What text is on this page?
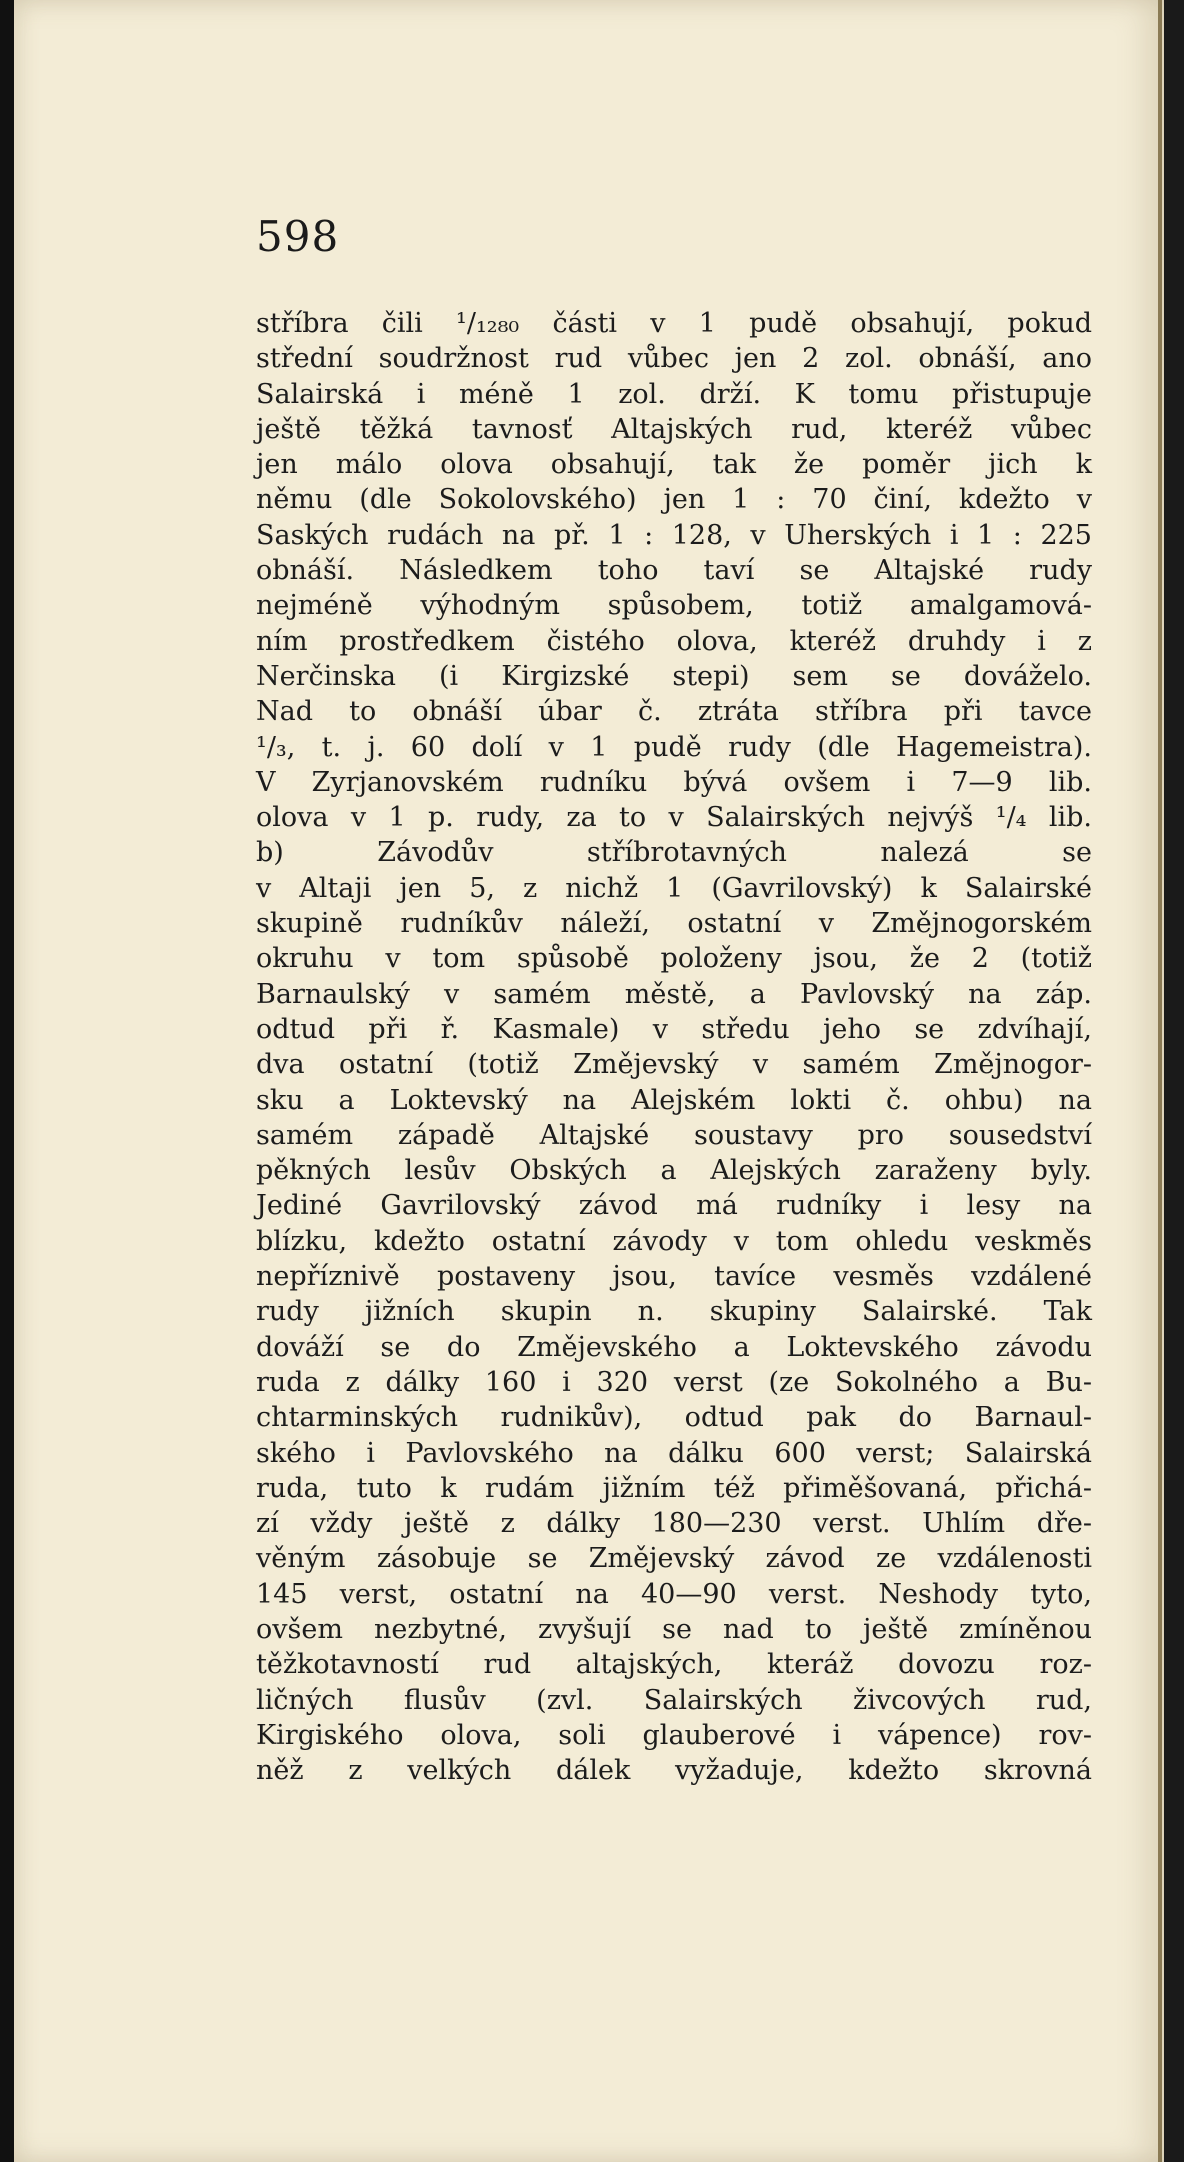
598
stříbra čili ¹/₁₂₈₀ části v 1 pudě obsahují, pokud
střední soudržnost rud vůbec jen 2 zol. obnáší, ano
Salairská i méně 1 zol. drží. K tomu přistupuje
ještě těžká tavnosť Altajských rud, kteréž vůbec
jen málo olova obsahují, tak že poměr jich k
němu (dle Sokolovského) jen 1 : 70 činí, kdežto v
Saských rudách na př. 1 : 128, v Uherských i 1 : 225
obnáší. Následkem toho taví se Altajské rudy
nejméně výhodným spůsobem, totiž amalgamová-
ním prostředkem čistého olova, kteréž druhdy i z
Nerčinska (i Kirgizské stepi) sem se dováželo.
Nad to obnáší úbar č. ztráta stříbra při tavce
¹/₃, t. j. 60 dolí v 1 pudě rudy (dle Hagemeistra).
V Zyrjanovském rudníku bývá ovšem i 7—9 lib.
olova v 1 p. rudy, za to v Salairských nejvýš ¹/₄ lib.
b) Závodův stříbrotavných nalezá se
v Altaji jen 5, z nichž 1 (Gavrilovský) k Salairské
skupině rudníkův náleží, ostatní v Změjnogorském
okruhu v tom spůsobě položeny jsou, že 2 (totiž
Barnaulský v samém městě, a Pavlovský na záp.
odtud při ř. Kasmale) v středu jeho se zdvíhají,
dva ostatní (totiž Změjevský v samém Změjnogor-
sku a Loktevský na Alejském lokti č. ohbu) na
samém západě Altajské soustavy pro sousedství
pěkných lesův Obských a Alejských zaraženy byly.
Jediné Gavrilovský závod má rudníky i lesy na
blízku, kdežto ostatní závody v tom ohledu veskměs
nepříznivě postaveny jsou, tavíce vesměs vzdálené
rudy jižních skupin n. skupiny Salairské. Tak
dováží se do Změjevského a Loktevského závodu
ruda z dálky 160 i 320 verst (ze Sokolného a Bu-
chtarminských rudnikův), odtud pak do Barnaul-
ského i Pavlovského na dálku 600 verst; Salairská
ruda, tuto k rudám jižním též přiměšovaná, přichá-
zí vždy ještě z dálky 180—230 verst. Uhlím dře-
věným zásobuje se Změjevský závod ze vzdálenosti
145 verst, ostatní na 40—90 verst. Neshody tyto,
ovšem nezbytné, zvyšují se nad to ještě zmíněnou
těžkotavností rud altajských, kteráž dovozu roz-
ličných flusův (zvl. Salairských živcových rud,
Kirgiského olova, soli glauberové i vápence) rov-
něž z velkých dálek vyžaduje, kdežto skrovná
